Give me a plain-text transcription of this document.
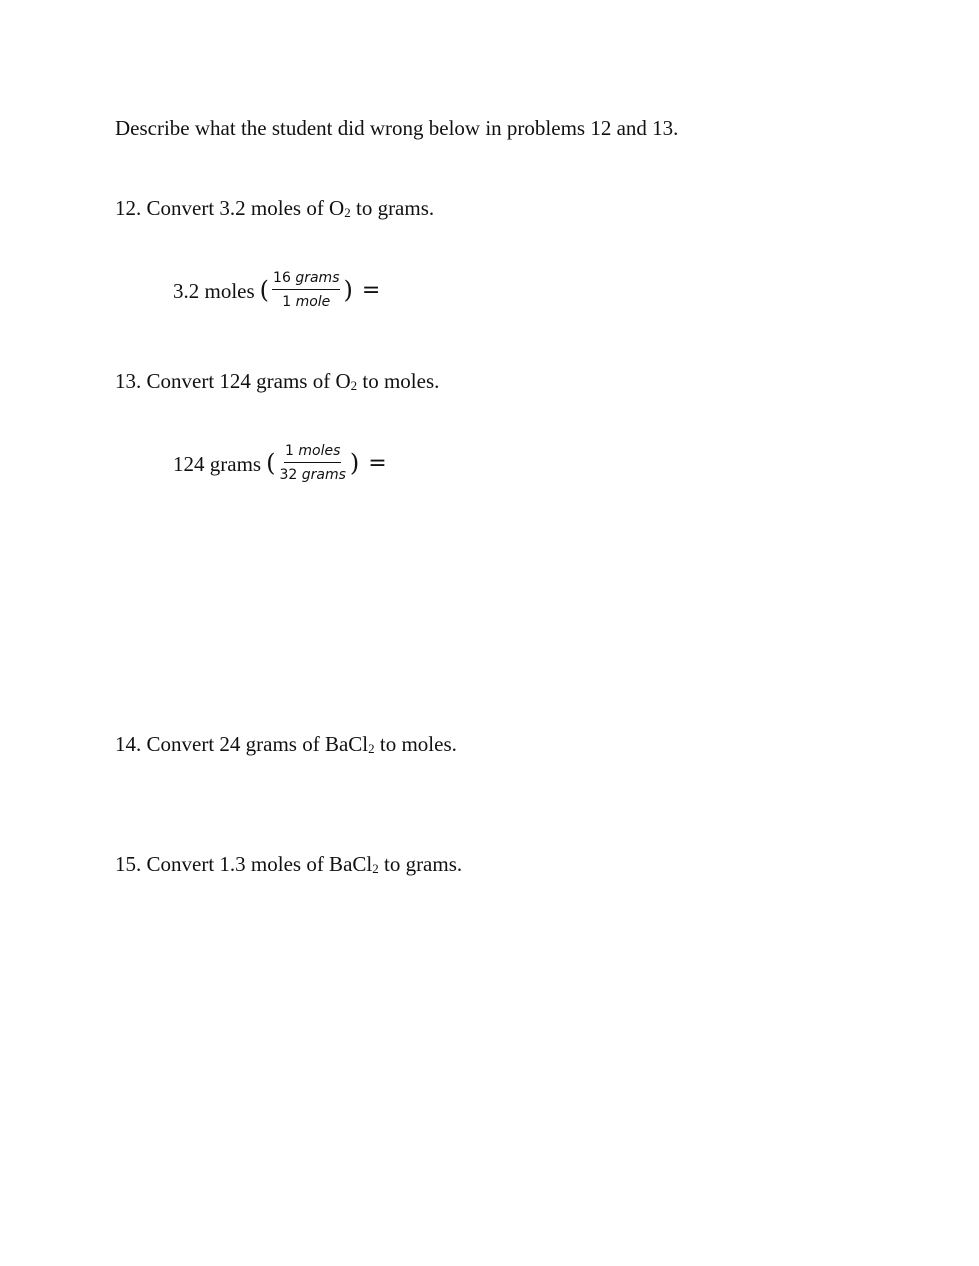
Describe what the student did wrong below in problems 12 and 13.
12. Convert 3.2 moles of $O_2$ to grams.
3.2 moles ( $\frac{\text{16 grams}}{\text{1 mole}}$ ) =
13. Convert 124 grams of $O_2$ to moles.
124 grams ( $\frac{\text{1 moles}}{\text{32 grams}}$ ) =
14. Convert 24 grams of BaCl$_2$ to moles.
15. Convert 1.3 moles of BaCl$_2$ to grams.
